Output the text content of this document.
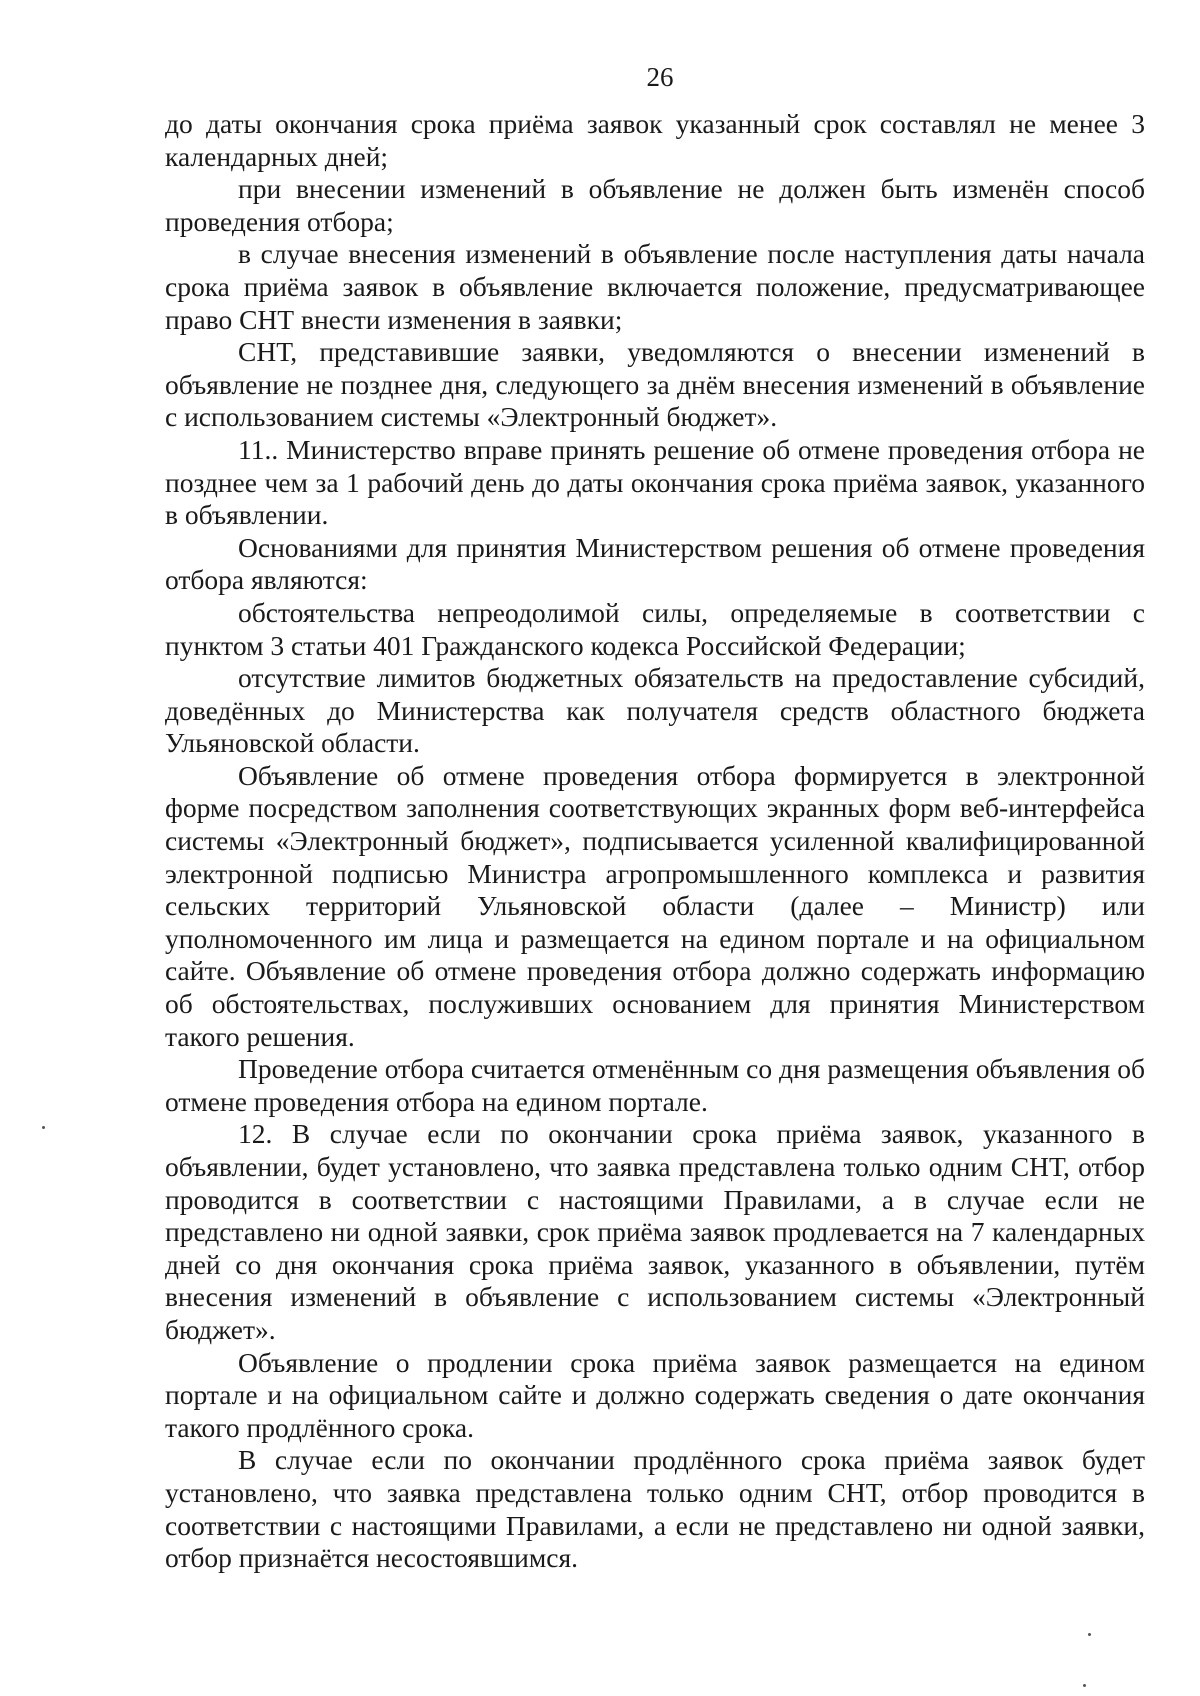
26

до даты окончания срока приёма заявок указанный срок составлял не менее 3 календарных дней;

при внесении изменений в объявление не должен быть изменён способ проведения отбора;

в случае внесения изменений в объявление после наступления даты начала срока приёма заявок в объявление включается положение, предусматривающее право СНТ внести изменения в заявки;

СНТ, представившие заявки, уведомляются о внесении изменений в объявление не позднее дня, следующего за днём внесения изменений в объявление с использованием системы «Электронный бюджет».

11.. Министерство вправе принять решение об отмене проведения отбора не позднее чем за 1 рабочий день до даты окончания срока приёма заявок, указанного в объявлении.

Основаниями для принятия Министерством решения об отмене проведения отбора являются:

обстоятельства непреодолимой силы, определяемые в соответствии с пунктом 3 статьи 401 Гражданского кодекса Российской Федерации;

отсутствие лимитов бюджетных обязательств на предоставление субсидий, доведённых до Министерства как получателя средств областного бюджета Ульяновской области.

Объявление об отмене проведения отбора формируется в электронной форме посредством заполнения соответствующих экранных форм веб-интерфейса системы «Электронный бюджет», подписывается усиленной квалифицированной электронной подписью Министра агропромышленного комплекса и развития сельских территорий Ульяновской области (далее – Министр) или уполномоченного им лица и размещается на едином портале и на официальном сайте. Объявление об отмене проведения отбора должно содержать информацию об обстоятельствах, послуживших основанием для принятия Министерством такого решения.

Проведение отбора считается отменённым со дня размещения объявления об отмене проведения отбора на едином портале.

12. В случае если по окончании срока приёма заявок, указанного в объявлении, будет установлено, что заявка представлена только одним СНТ, отбор проводится в соответствии с настоящими Правилами, а в случае если не представлено ни одной заявки, срок приёма заявок продлевается на 7 календарных дней со дня окончания срока приёма заявок, указанного в объявлении, путём внесения изменений в объявление с использованием системы «Электронный бюджет».

Объявление о продлении срока приёма заявок размещается на едином портале и на официальном сайте и должно содержать сведения о дате окончания такого продлённого срока.

В случае если по окончании продлённого срока приёма заявок будет установлено, что заявка представлена только одним СНТ, отбор проводится в соответствии с настоящими Правилами, а если не представлено ни одной заявки, отбор признаётся несостоявшимся.
